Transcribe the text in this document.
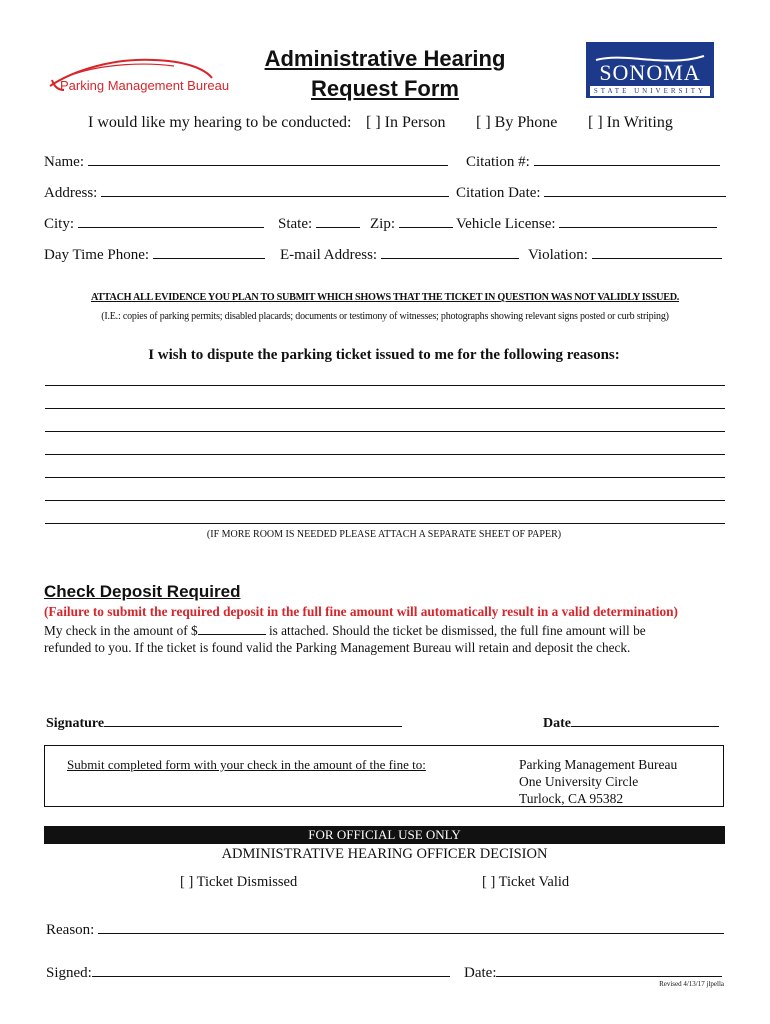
Parking Management Bureau
Administrative Hearing
Request Form
SONOMA
STATE UNIVERSITY
I would like my hearing to be conducted: [ ] In Person [ ] By Phone [ ] In Writing
Name:	Citation #:
Address:	Citation Date:
City:	State:	Zip:	Vehicle License:
Day Time Phone:	E-mail Address:	Violation:
ATTACH ALL EVIDENCE YOU PLAN TO SUBMIT WHICH SHOWS THAT THE TICKET IN QUESTION WAS NOT VALIDLY ISSUED.
(I.E.: copies of parking permits; disabled placards; documents or testimony of witnesses; photographs showing relevant signs posted or curb striping)
I wish to dispute the parking ticket issued to me for the following reasons:
(IF MORE ROOM IS NEEDED PLEASE ATTACH A SEPARATE SHEET OF PAPER)
Check Deposit Required
(Failure to submit the required deposit in the full fine amount will automatically result in a valid determination)
My check in the amount of $	is attached. Should the ticket be dismissed, the full fine amount will be
refunded to you. If the ticket is found valid the Parking Management Bureau will retain and deposit the check.
Signature	Date
Submit completed form with your check in the amount of the fine to:	Parking Management Bureau
One University Circle
Turlock, CA 95382
FOR OFFICIAL USE ONLY
ADMINISTRATIVE HEARING OFFICER DECISION
[ ] Ticket Dismissed	[ ] Ticket Valid
Reason:
Signed:	Date:
Revised 4/13/17 jlpella
